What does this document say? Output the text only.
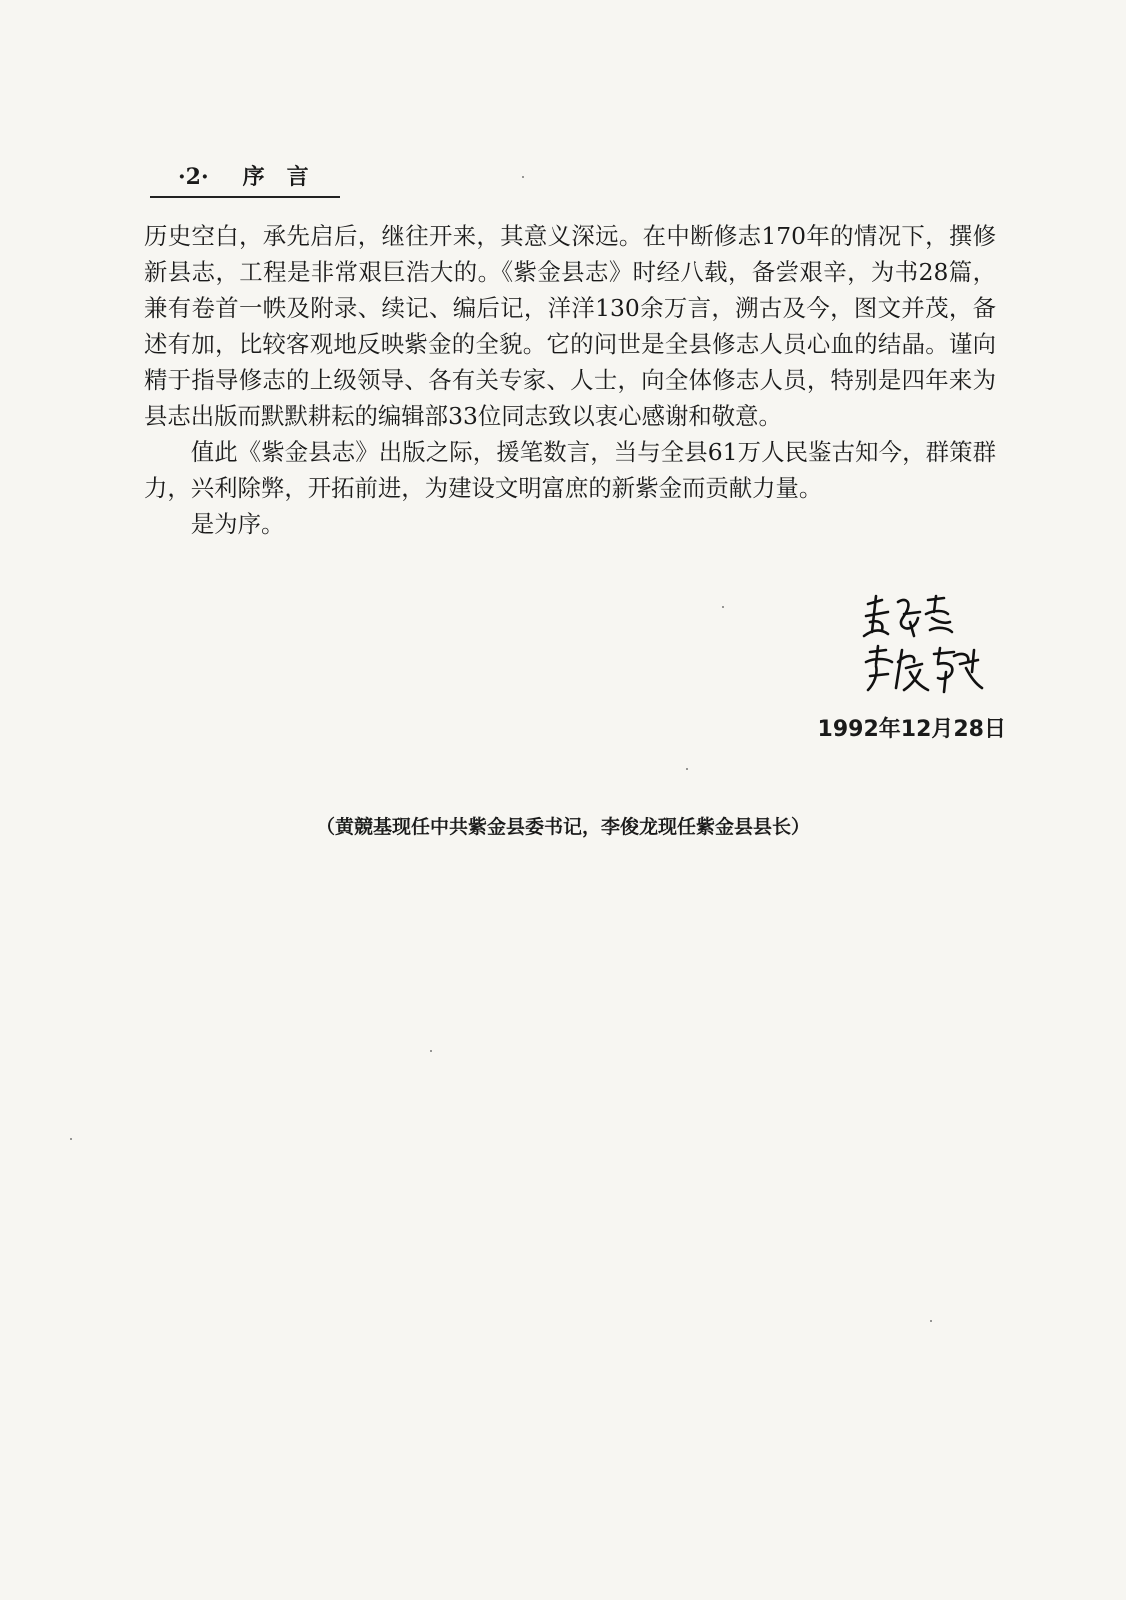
·2· 序言

历史空白，承先启后，继往开来，其意义深远。在中断修志170年的情况下，撰修新县志，工程是非常艰巨浩大的。《紫金县志》时经八载，备尝艰辛，为书28篇，兼有卷首一帙及附录、续记、编后记，洋洋130余万言，溯古及今，图文并茂，备述有加，比较客观地反映紫金的全貌。它的问世是全县修志人员心血的结晶。谨向精于指导修志的上级领导、各有关专家、人士，向全体修志人员，特别是四年来为县志出版而默默耕耘的编辑部33位同志致以衷心感谢和敬意。

值此《紫金县志》出版之际，援笔数言，当与全县61万人民鉴古知今，群策群力，兴利除弊，开拓前进，为建设文明富庶的新紫金而贡献力量。

是为序。

1992年12月28日
（黄競基现任中共紫金县委书记，李俊龙现任紫金县县长）
